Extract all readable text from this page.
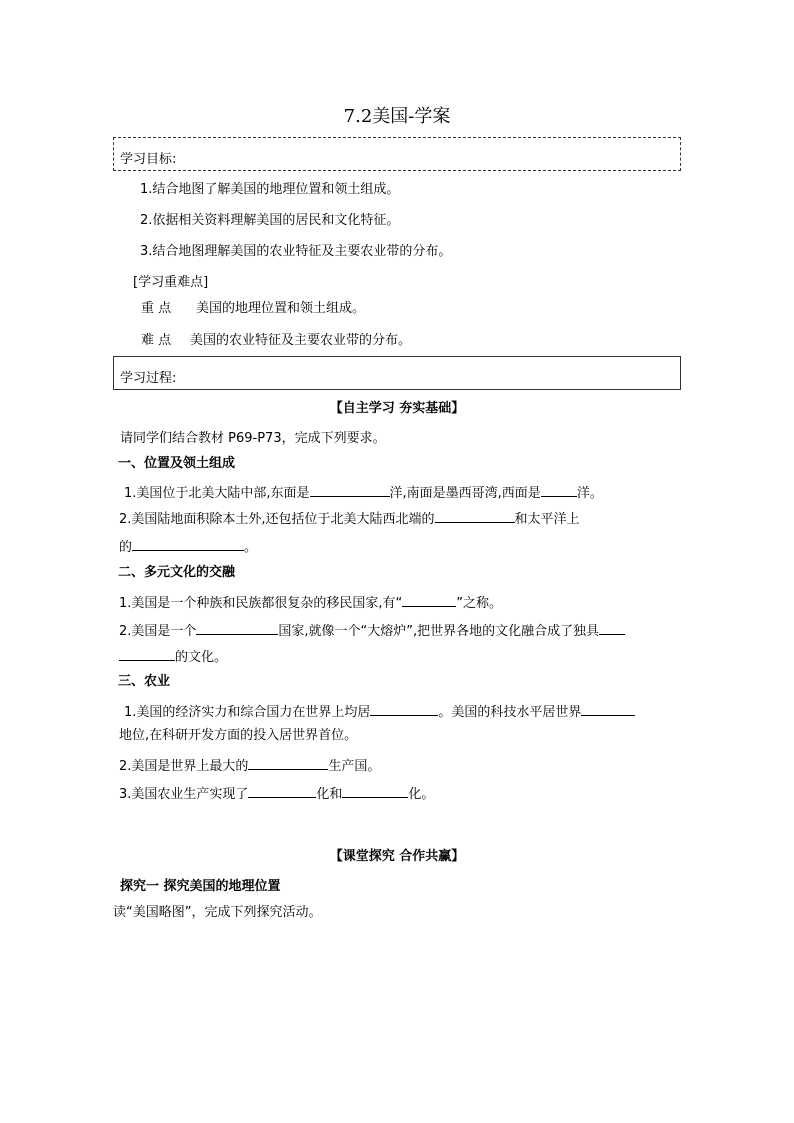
7.2美国-学案
学习目标:
1.结合地图了解美国的地理位置和领土组成。
2.依据相关资料理解美国的居民和文化特征。
3.结合地图理解美国的农业特征及主要农业带的分布。
[学习重难点]
重 点 美国的地理位置和领土组成。
难 点 美国的农业特征及主要农业带的分布。
学习过程:
【自主学习 夯实基础】
请同学们结合教材 P69-P73，完成下列要求。
一、位置及领土组成
1.美国位于北美大陆中部,东面是	洋,南面是墨西哥湾,西面是	洋。
2.美国陆地面积除本土外,还包括位于北美大陆西北端的	和太平洋上
的	。
二、多元文化的交融
1.美国是一个种族和民族都很复杂的移民国家,有“	”之称。
2.美国是一个	国家,就像一个“大熔炉”,把世界各地的文化融合成了独具
的文化。
三、农业
1.美国的经济实力和综合国力在世界上均居	。美国的科技水平居世界
地位,在科研开发方面的投入居世界首位。
2.美国是世界上最大的	生产国。
3.美国农业生产实现了	化和	化。
【课堂探究 合作共赢】
探究一 探究美国的地理位置
读“美国略图”，完成下列探究活动。
